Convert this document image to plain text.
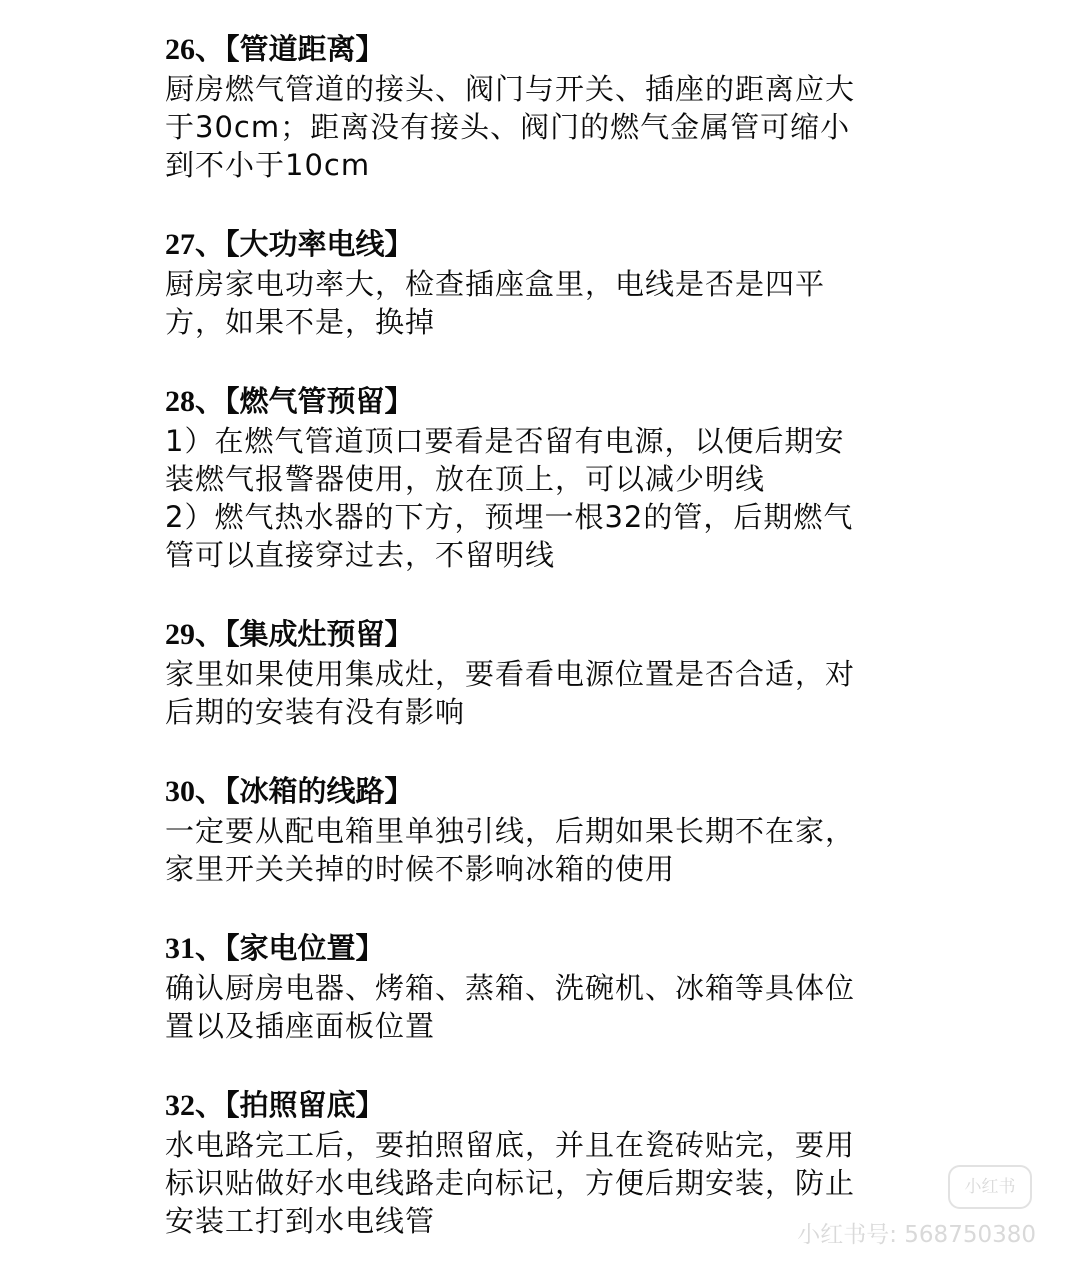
26、【管道距离】
厨房燃气管道的接头、阀门与开关、插座的距离应大
于30cm；距离没有接头、阀门的燃气金属管可缩小
到不小于10cm
27、【大功率电线】
厨房家电功率大，检查插座盒里，电线是否是四平
方，如果不是，换掉
28、【燃气管预留】
1）在燃气管道顶口要看是否留有电源，以便后期安
装燃气报警器使用，放在顶上，可以减少明线
2）燃气热水器的下方，预埋一根32的管，后期燃气
管可以直接穿过去，不留明线
29、【集成灶预留】
家里如果使用集成灶，要看看电源位置是否合适，对
后期的安装有没有影响
30、【冰箱的线路】
一定要从配电箱里单独引线，后期如果长期不在家，
家里开关关掉的时候不影响冰箱的使用
31、【家电位置】
确认厨房电器、烤箱、蒸箱、洗碗机、冰箱等具体位
置以及插座面板位置
32、【拍照留底】
水电路完工后，要拍照留底，并且在瓷砖贴完，要用
标识贴做好水电线路走向标记，方便后期安装，防止
安装工打到水电线管
小红书
小红书号: 568750380
